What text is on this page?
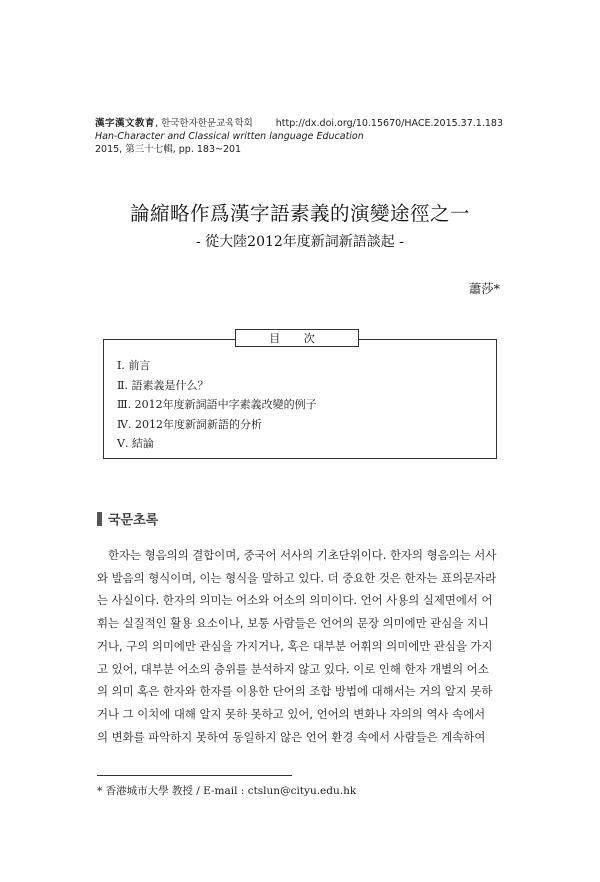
漢字漢文教育, 한국한자한문교육학회
Han-Character and Classical written language Education
2015, 第三十七輯, pp. 183~201
http://dx.doi.org/10.15670/HACE.2015.37.1.183
論縮略作爲漢字語素義的演變途徑之一
- 從大陸2012年度新詞新語談起 -
蕭莎*
目 次
Ⅰ. 前言
Ⅱ. 語素義是什么？
Ⅲ. 2012年度新詞語中字素義改變的例子
Ⅳ. 2012年度新詞新語的分析
Ⅴ. 結論
국문초록
한자는 형음의의 결합이며, 중국어 서사의 기초단위이다. 한자의 형음의는 서사
와 발음의 형식이며, 이는 형식을 말하고 있다. 더 중요한 것은 한자는 표의문자라
는 사실이다. 한자의 의미는 어소와 어소의 의미이다. 언어 사용의 실제면에서 어
휘는 실질적인 활용 요소이나, 보통 사람들은 언어의 문장 의미에만 관심을 지니
거나, 구의 의미에만 관심을 가지거나, 혹은 대부분 어휘의 의미에만 관심을 가지
고 있어, 대부분 어소의 층위를 분석하지 않고 있다. 이로 인해 한자 개별의 어소
의 의미 혹은 한자와 한자를 이용한 단어의 조합 방법에 대해서는 거의 알지 못하
거나 그 이치에 대해 알지 못하 못하고 있어, 언어의 변화나 자의의 역사 속에서
의 변화를 파악하지 못하여 동일하지 않은 언어 환경 속에서 사람들은 계속하여
* 香港城市大學 教授 / E-mail : ctslun@cityu.edu.hk
